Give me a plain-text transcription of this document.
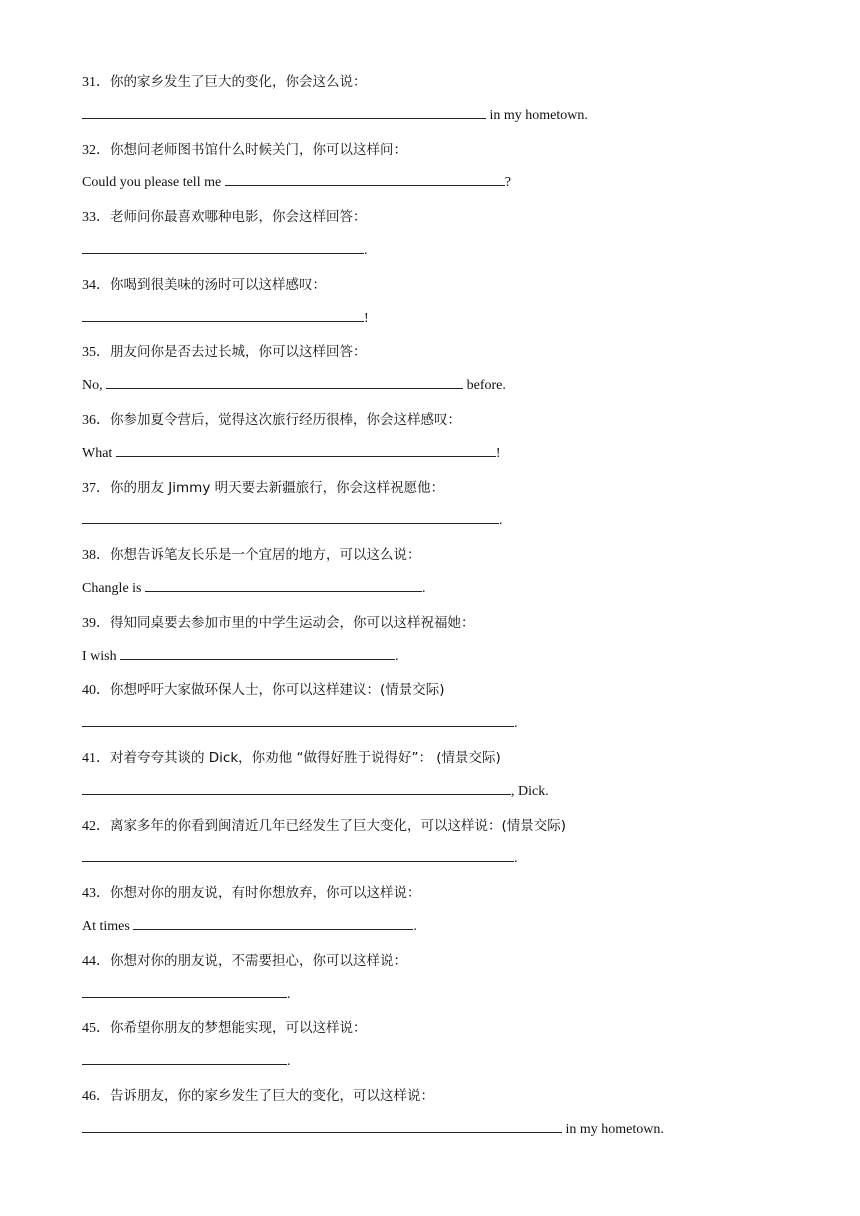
31．你的家乡发生了巨大的变化，你会这么说：
in my hometown.
32．你想问老师图书馆什么时候关门，你可以这样问：
Could you please tell me	?
33．老师问你最喜欢哪种电影，你会这样回答：
.
34．你喝到很美味的汤时可以这样感叹：
!
35．朋友问你是否去过长城，你可以这样回答：
No,	before.
36．你参加夏令营后，觉得这次旅行经历很棒，你会这样感叹：
What	!
37．你的朋友 Jimmy 明天要去新疆旅行，你会这样祝愿他：
.
38．你想告诉笔友长乐是一个宜居的地方，可以这么说：
Changle is	.
39．得知同桌要去参加市里的中学生运动会，你可以这样祝福她：
I wish	.
40．你想呼吁大家做环保人士，你可以这样建议：(情景交际)
.
41．对着夸夸其谈的 Dick，你劝他 “做得好胜于说得好”： (情景交际)
, Dick.
42．离家多年的你看到闽清近几年已经发生了巨大变化，可以这样说：(情景交际)
.
43．你想对你的朋友说，有时你想放弃，你可以这样说：
At times	.
44．你想对你的朋友说，不需要担心，你可以这样说：
.
45．你希望你朋友的梦想能实现，可以这样说：
.
46．告诉朋友，你的家乡发生了巨大的变化，可以这样说：
in my hometown.
